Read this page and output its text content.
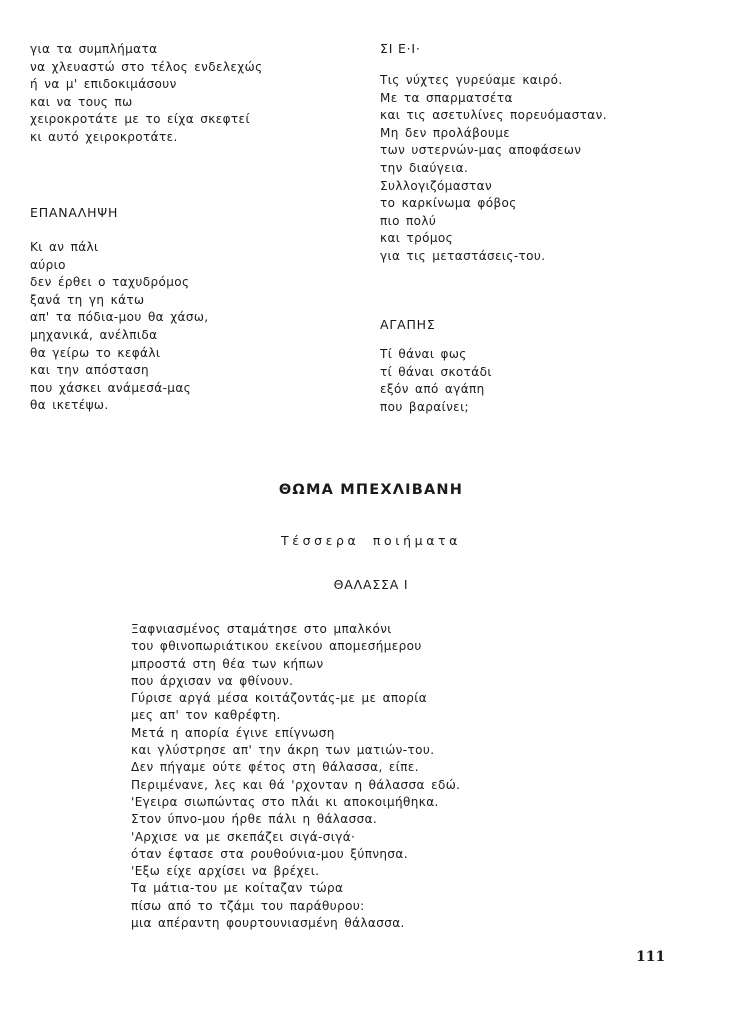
για τα συμπλήματα
να χλευαστώ στο τέλος ενδελεχώς
ή να μ' επιδοκιμάσουν
και να τους πω
χειροκροτάτε με το είχα σκεφτεί
κι αυτό χειροκροτάτε.
ΕΠΑΝΑΛΗΨΗ
Κι αν πάλι
αύριο
δεν έρθει ο ταχυδρόμος
ξανά τη γη κάτω
απ' τα πόδια-μου θα χάσω,
μηχανικά, ανέλπιδα
θα γείρω το κεφάλι
και την απόσταση
που χάσκει ανάμεσά-μας
θα ικετέψω.
ΣΙ Ε·Ι·
Τις νύχτες γυρεύαμε καιρό.
Με τα σπαρματσέτα
και τις ασετυλίνες πορευόμασταν.
Μη δεν προλάβουμε
των υστερνών-μας αποφάσεων
την διαύγεια.
Συλλογιζόμασταν
το καρκίνωμα φόβος
πιο πολύ
και τρόμος
για τις μεταστάσεις-του.
ΑΓΑΠΗΣ
Τί θάναι φως
τί θάναι σκοτάδι
εξόν από αγάπη
που βαραίνει;
ΘΩΜΑ ΜΠΕΧΛΙΒΑΝΗ
Τέσσερα ποιήματα
ΘΑΛΑΣΣΑ Ι
Ξαφνιασμένος σταμάτησε στο μπαλκόνι
του φθινοπωριάτικου εκείνου απομεσήμερου
μπροστά στη θέα των κήπων
που άρχισαν να φθίνουν.
Γύρισε αργά μέσα κοιτάζοντάς-με με απορία
μες απ' τον καθρέφτη.
Μετά η απορία έγινε επίγνωση
και γλύστρησε απ' την άκρη των ματιών-του.
Δεν πήγαμε ούτε φέτος στη θάλασσα, είπε.
Περιμένανε, λες και θά 'ρχονταν η θάλασσα εδώ.
'Εγειρα σιωπώντας στο πλάι κι αποκοιμήθηκα.
Στον ύπνο-μου ήρθε πάλι η θάλασσα.
'Αρχισε να με σκεπάζει σιγά-σιγά·
όταν έφτασε στα ρουθούνια-μου ξύπνησα.
'Εξω είχε αρχίσει να βρέχει.
Τα μάτια-του με κοίταζαν τώρα
πίσω από το τζάμι του παράθυρου:
μια απέραντη φουρτουνιασμένη θάλασσα.
111
